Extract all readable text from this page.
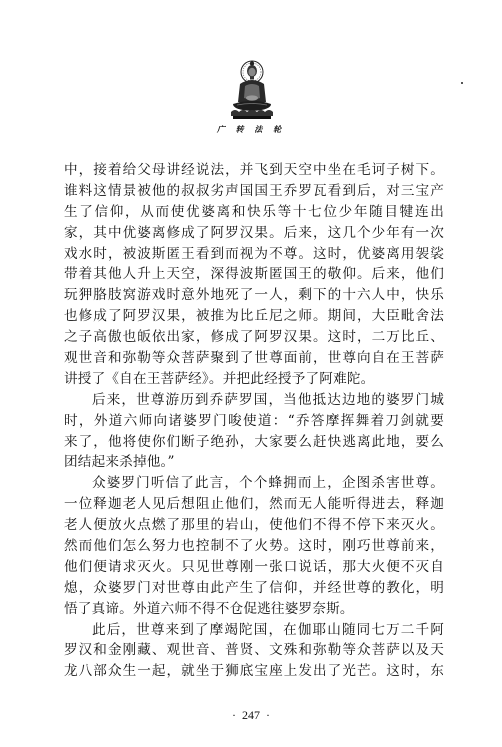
广 转 法 轮
中，接着给父母讲经说法，并飞到天空中坐在毛诃子树下。
谁料这情景被他的叔叔劣声国国王乔罗瓦看到后，对三宝产
生了信仰，从而使优婆离和快乐等十七位少年随目犍连出
家，其中优婆离修成了阿罗汉果。后来，这几个少年有一次
戏水时，被波斯匿王看到而视为不尊。这时，优婆离用袈裟
带着其他人升上天空，深得波斯匿国王的敬仰。后来，他们
玩狎胳肢窝游戏时意外地死了一人，剩下的十六人中，快乐
也修成了阿罗汉果，被推为比丘尼之师。期间，大臣毗舍法
之子高傲也皈依出家，修成了阿罗汉果。这时，二万比丘、
观世音和弥勒等众菩萨聚到了世尊面前，世尊向自在王菩萨
讲授了《自在王菩萨经》。并把此经授予了阿难陀。
后来，世尊游历到乔萨罗国，当他抵达边地的婆罗门城
时，外道六师向诸婆罗门唆使道：“乔答摩挥舞着刀剑就要
来了，他将使你们断子绝孙，大家要么赶快逃离此地，要么
团结起来杀掉他。”
众婆罗门听信了此言，个个蜂拥而上，企图杀害世尊。
一位释迦老人见后想阻止他们，然而无人能听得进去，释迦
老人便放火点燃了那里的岩山，使他们不得不停下来灭火。
然而他们怎么努力也控制不了火势。这时，刚巧世尊前来，
他们便请求灭火。只见世尊刚一张口说话，那大火便不灭自
熄，众婆罗门对世尊由此产生了信仰，并经世尊的教化，明
悟了真谛。外道六师不得不仓促逃往婆罗奈斯。
此后，世尊来到了摩竭陀国，在伽耶山随同七万二千阿
罗汉和金刚藏、观世音、普贤、文殊和弥勒等众菩萨以及天
龙八部众生一起，就坐于狮底宝座上发出了光芒。这时，东
· 247 ·
